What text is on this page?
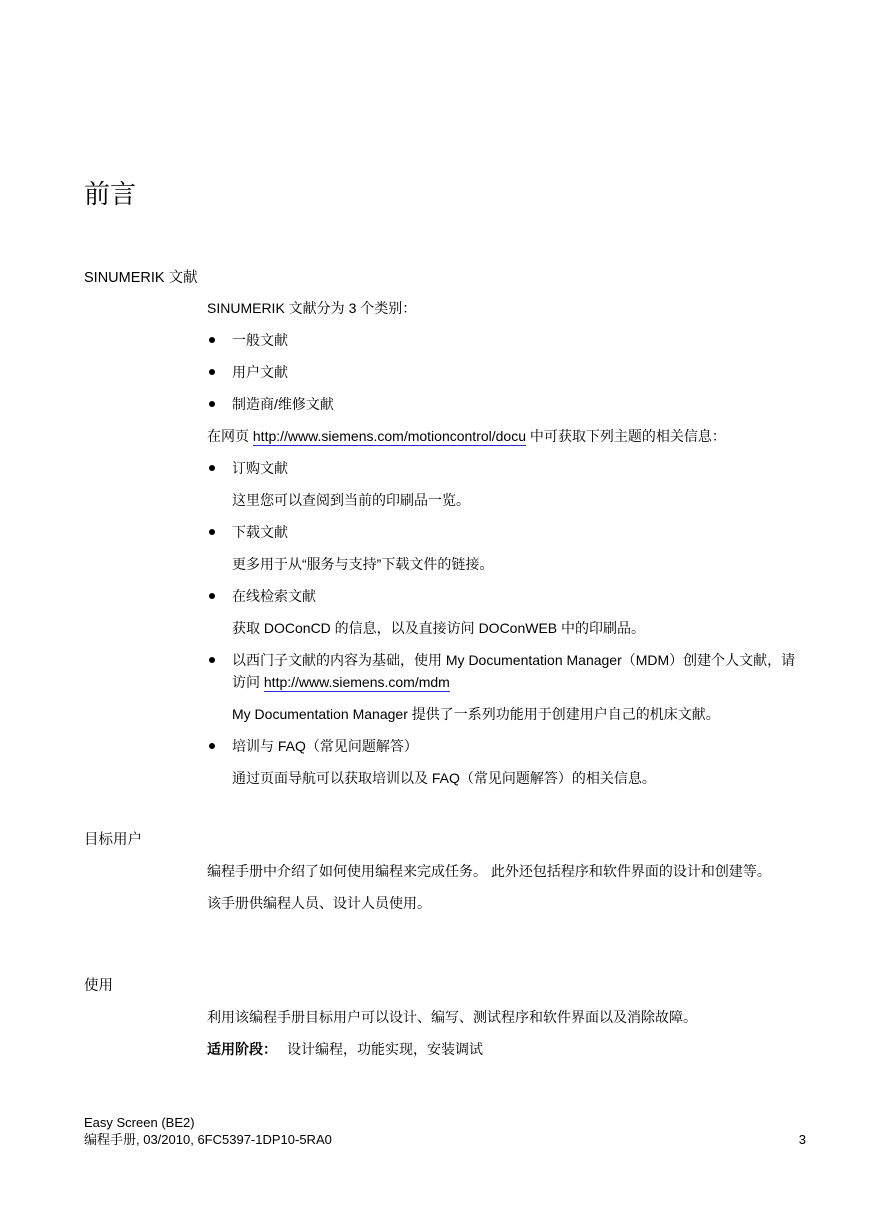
前言
SINUMERIK 文献

SINUMERIK 文献分为 3 个类别：

一般文献
用户文献
制造商/维修文献

在网页 http://www.siemens.com/motioncontrol/docu 中可获取下列主题的相关信息：

订购文献

这里您可以查阅到当前的印刷品一览。

下载文献

更多用于从“服务与支持”下载文件的链接。

在线检索文献

获取 DOConCD 的信息，以及直接访问 DOConWEB 中的印刷品。

以西门子文献的内容为基础，使用 My Documentation Manager（MDM）创建个人文献，请访问 http://www.siemens.com/mdm

My Documentation Manager 提供了一系列功能用于创建用户自己的机床文献。

培训与 FAQ（常见问题解答）

通过页面导航可以获取培训以及 FAQ（常见问题解答）的相关信息。

目标用户

编程手册中介绍了如何使用编程来完成任务。 此外还包括程序和软件界面的设计和创建等。

该手册供编程人员、设计人员使用。

使用

利用该编程手册目标用户可以设计、编写、测试程序和软件界面以及消除故障。

适用阶段： 设计编程，功能实现，安装调试

Easy Screen (BE2)
编程手册, 03/2010, 6FC5397-1DP10-5RA0	3
